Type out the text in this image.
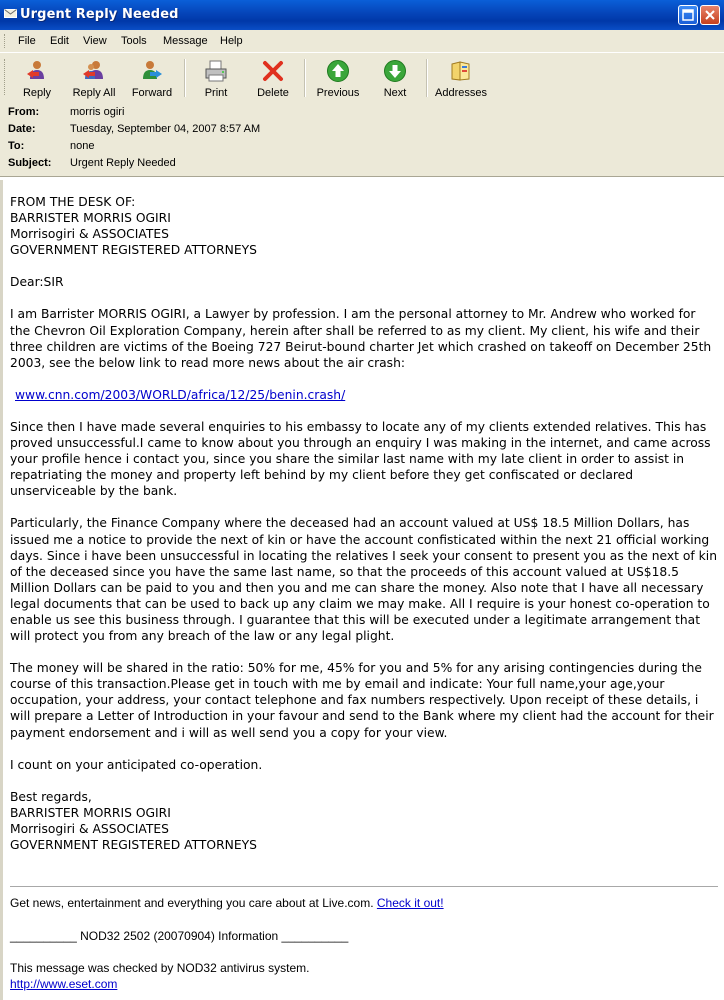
Urgent Reply Needed
File Edit View Tools Message Help
Reply	Reply All	Forward	Print	Delete	Previous	Next	Addresses
From:	morris ogiri
Date:	Tuesday, September 04, 2007 8:57 AM
To:	none
Subject: Urgent Reply Needed

FROM THE DESK OF:

BARRISTER MORRIS OGIRI

Morrisogiri & ASSOCIATES

GOVERNMENT REGISTERED ATTORNEYS

Dear:SIR

I am Barrister MORRIS OGIRI, a Lawyer by profession. I am the personal attorney to Mr. Andrew who worked for the Chevron Oil Exploration Company, herein after shall be referred to as my client. My client, his wife and their three children are victims of the Boeing 727 Beirut-bound charter Jet which crashed on takeoff on December 25th 2003, see the below link to read more news about the air crash:

www.cnn.com/2003/WORLD/africa/12/25/benin.crash/

Since then I have made several enquiries to his embassy to locate any of my clients extended relatives. This has proved unsuccessful.I came to know about you through an enquiry I was making in the internet, and came across your profile hence i contact you, since you share the similar last name with my late client in order to assist in repatriating the money and property left behind by my client before they get confiscated or declared unserviceable by the bank.

Particularly, the Finance Company where the deceased had an account valued at US$ 18.5 Million Dollars, has issued me a notice to provide the next of kin or have the account confisticated within the next 21 official working days. Since i have been unsuccessful in locating the relatives I seek your consent to present you as the next of kin of the deceased since you have the same last name, so that the proceeds of this account valued at US$18.5 Million Dollars can be paid to you and then you and me can share the money. Also note that I have all necessary legal documents that can be used to back up any claim we may make. All I require is your honest co-operation to enable us see this business through. I guarantee that this will be executed under a legitimate arrangement that will protect you from any breach of the law or any legal plight.

The money will be shared in the ratio: 50% for me, 45% for you and 5% for any arising contingencies during the course of this transaction.Please get in touch with me by email and indicate: Your full name,your age,your occupation, your address, your contact telephone and fax numbers respectively. Upon receipt of these details, i will prepare a Letter of Introduction in your favour and send to the Bank where my client had the account for their payment endorsement and i will as well send you a copy for your view.

I count on your anticipated co-operation.

Best regards,

BARRISTER MORRIS OGIRI

Morrisogiri & ASSOCIATES

GOVERNMENT REGISTERED ATTORNEYS

Get news, entertainment and everything you care about at Live.com. Check it out!
__________ NOD32 2502 (20070904) Information __________
This message was checked by NOD32 antivirus system.
http://www.eset.com
